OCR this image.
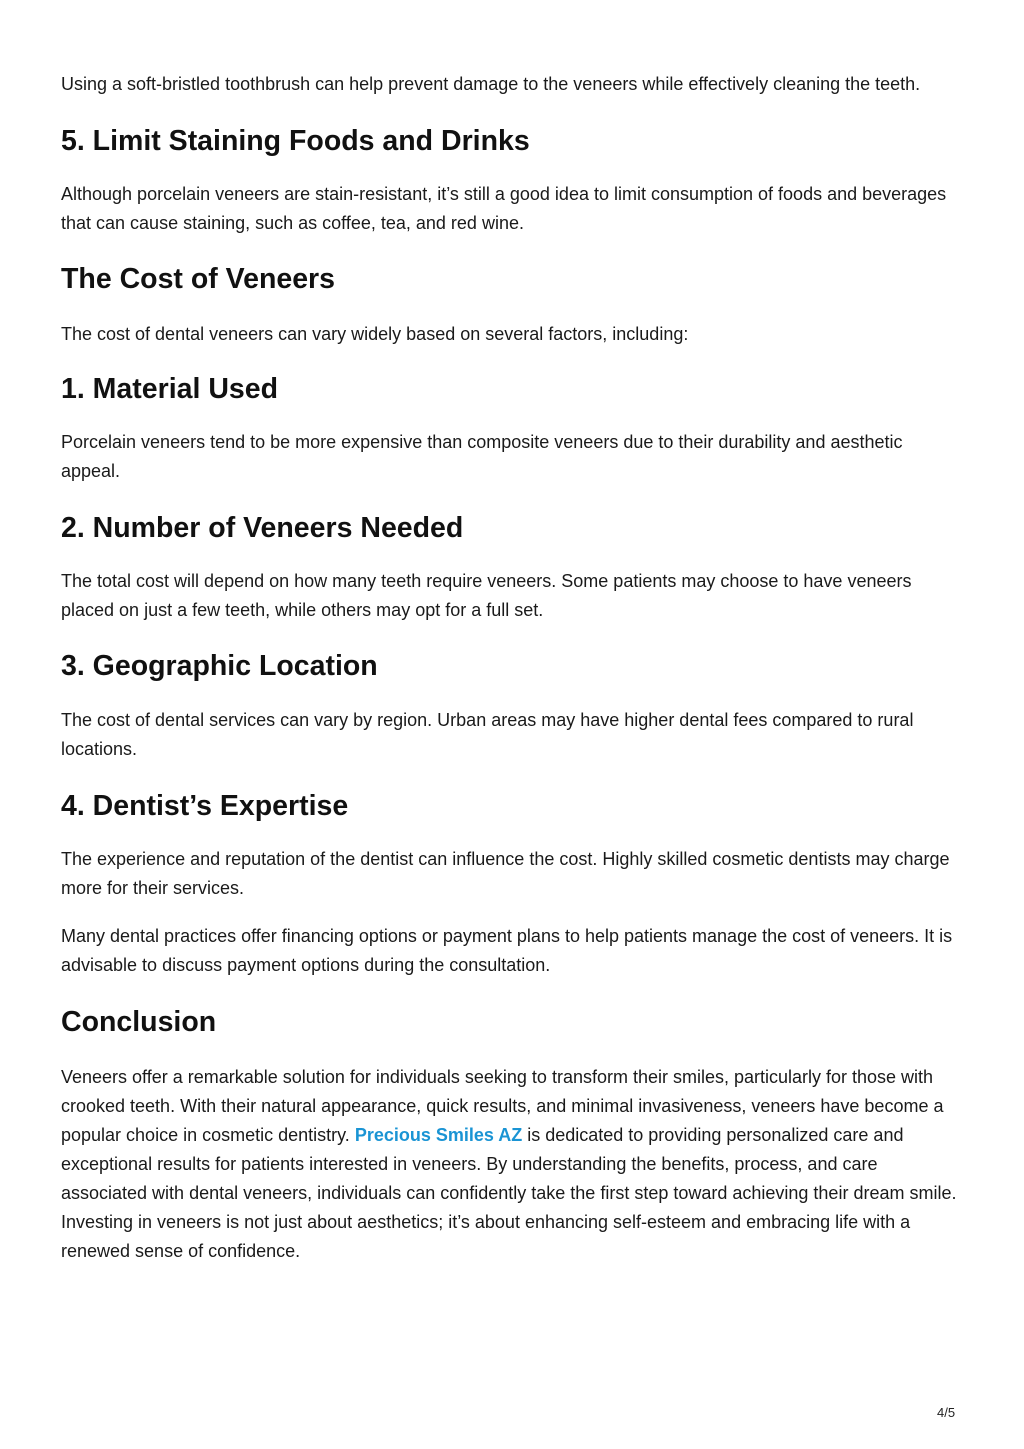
Using a soft-bristled toothbrush can help prevent damage to the veneers while effectively cleaning the teeth.

5. Limit Staining Foods and Drinks

Although porcelain veneers are stain-resistant, it’s still a good idea to limit consumption of foods and beverages that can cause staining, such as coffee, tea, and red wine.

The Cost of Veneers

The cost of dental veneers can vary widely based on several factors, including:

1. Material Used

Porcelain veneers tend to be more expensive than composite veneers due to their durability and aesthetic appeal.

2. Number of Veneers Needed

The total cost will depend on how many teeth require veneers. Some patients may choose to have veneers placed on just a few teeth, while others may opt for a full set.

3. Geographic Location

The cost of dental services can vary by region. Urban areas may have higher dental fees compared to rural locations.

4. Dentist’s Expertise

The experience and reputation of the dentist can influence the cost. Highly skilled cosmetic dentists may charge more for their services.

Many dental practices offer financing options or payment plans to help patients manage the cost of veneers. It is advisable to discuss payment options during the consultation.

Conclusion

Veneers offer a remarkable solution for individuals seeking to transform their smiles, particularly for those with crooked teeth. With their natural appearance, quick results, and minimal invasiveness, veneers have become a popular choice in cosmetic dentistry. Precious Smiles AZ is dedicated to providing personalized care and exceptional results for patients interested in veneers. By understanding the benefits, process, and care associated with dental veneers, individuals can confidently take the first step toward achieving their dream smile. Investing in veneers is not just about aesthetics; it’s about enhancing self-esteem and embracing life with a renewed sense of confidence.

4/5
